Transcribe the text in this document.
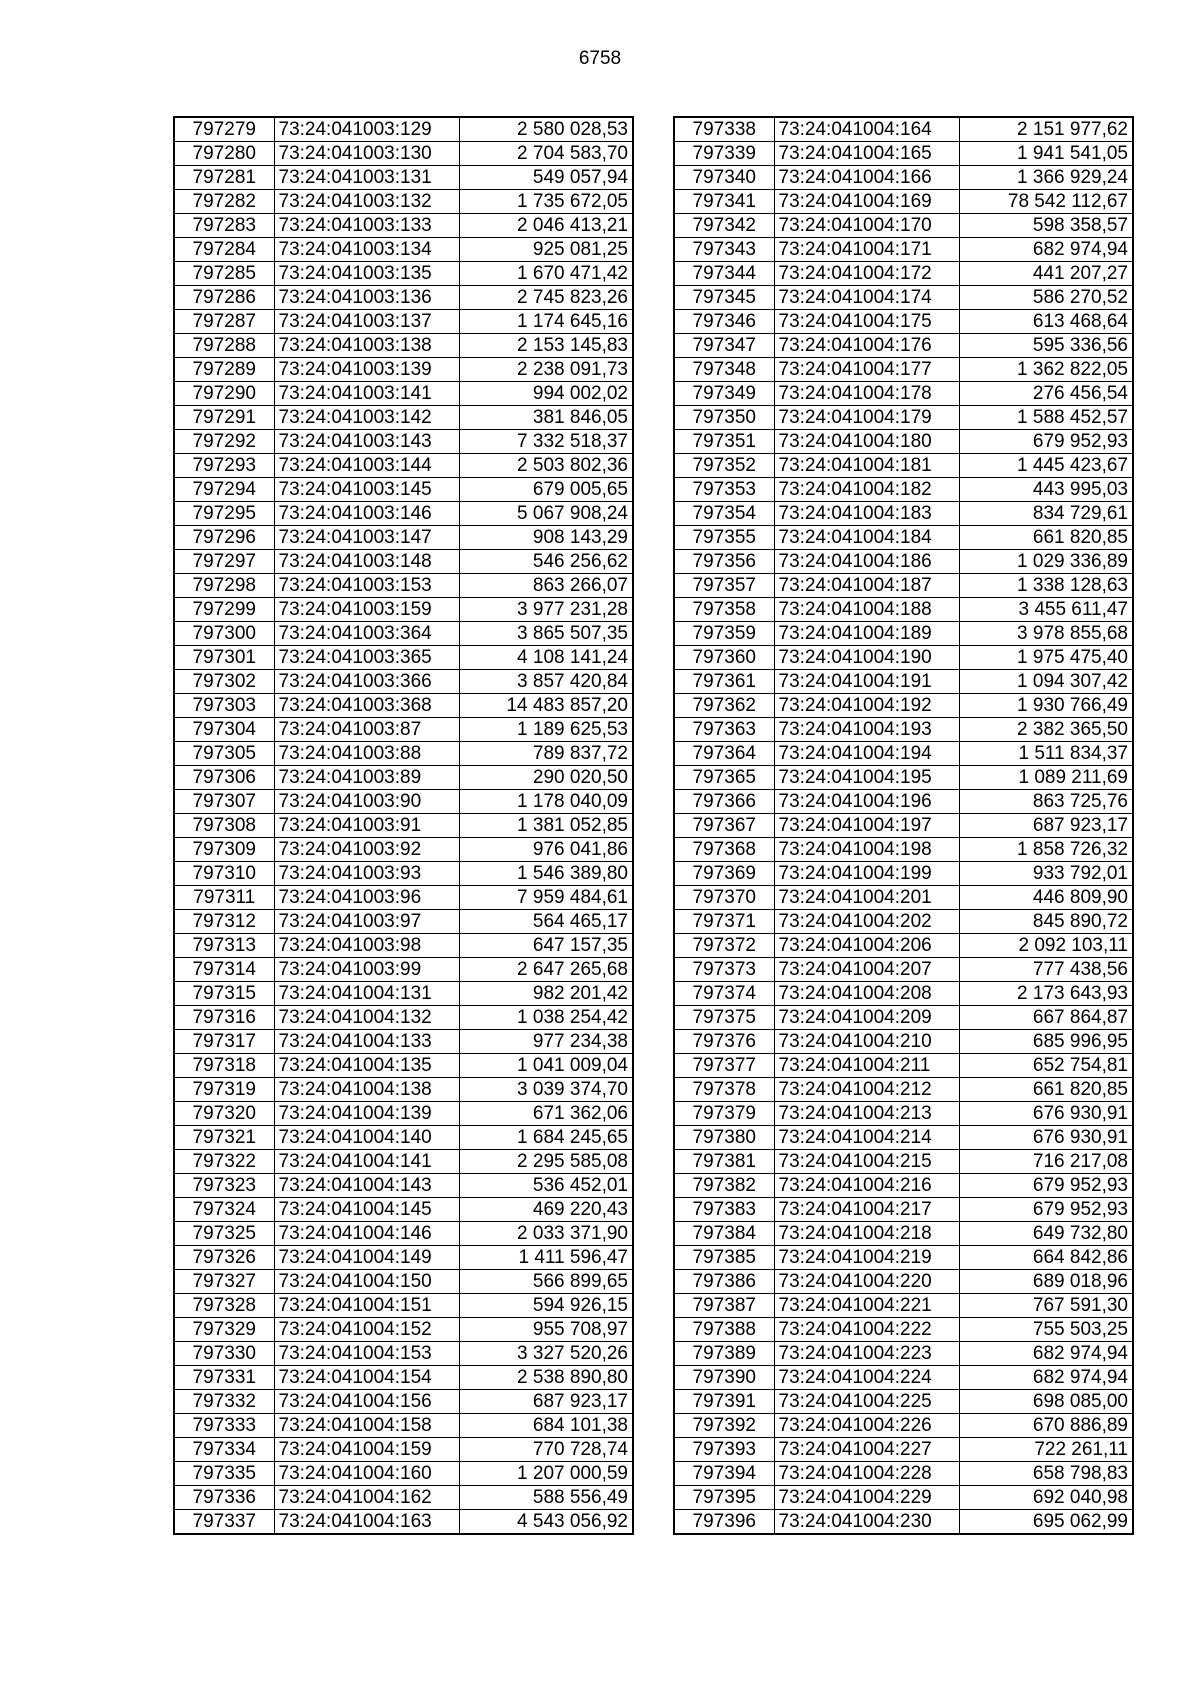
6758
797279	73:24:041003:129	2 580 028,53
797280	73:24:041003:130	2 704 583,70
797281	73:24:041003:131	549 057,94
797282	73:24:041003:132	1 735 672,05
797283	73:24:041003:133	2 046 413,21
797284	73:24:041003:134	925 081,25
797285	73:24:041003:135	1 670 471,42
797286	73:24:041003:136	2 745 823,26
797287	73:24:041003:137	1 174 645,16
797288	73:24:041003:138	2 153 145,83
797289	73:24:041003:139	2 238 091,73
797290	73:24:041003:141	994 002,02
797291	73:24:041003:142	381 846,05
797292	73:24:041003:143	7 332 518,37
797293	73:24:041003:144	2 503 802,36
797294	73:24:041003:145	679 005,65
797295	73:24:041003:146	5 067 908,24
797296	73:24:041003:147	908 143,29
797297	73:24:041003:148	546 256,62
797298	73:24:041003:153	863 266,07
797299	73:24:041003:159	3 977 231,28
797300	73:24:041003:364	3 865 507,35
797301	73:24:041003:365	4 108 141,24
797302	73:24:041003:366	3 857 420,84
797303	73:24:041003:368	14 483 857,20
797304	73:24:041003:87	1 189 625,53
797305	73:24:041003:88	789 837,72
797306	73:24:041003:89	290 020,50
797307	73:24:041003:90	1 178 040,09
797308	73:24:041003:91	1 381 052,85
797309	73:24:041003:92	976 041,86
797310	73:24:041003:93	1 546 389,80
797311	73:24:041003:96	7 959 484,61
797312	73:24:041003:97	564 465,17
797313	73:24:041003:98	647 157,35
797314	73:24:041003:99	2 647 265,68
797315	73:24:041004:131	982 201,42
797316	73:24:041004:132	1 038 254,42
797317	73:24:041004:133	977 234,38
797318	73:24:041004:135	1 041 009,04
797319	73:24:041004:138	3 039 374,70
797320	73:24:041004:139	671 362,06
797321	73:24:041004:140	1 684 245,65
797322	73:24:041004:141	2 295 585,08
797323	73:24:041004:143	536 452,01
797324	73:24:041004:145	469 220,43
797325	73:24:041004:146	2 033 371,90
797326	73:24:041004:149	1 411 596,47
797327	73:24:041004:150	566 899,65
797328	73:24:041004:151	594 926,15
797329	73:24:041004:152	955 708,97
797330	73:24:041004:153	3 327 520,26
797331	73:24:041004:154	2 538 890,80
797332	73:24:041004:156	687 923,17
797333	73:24:041004:158	684 101,38
797334	73:24:041004:159	770 728,74
797335	73:24:041004:160	1 207 000,59
797336	73:24:041004:162	588 556,49
797337	73:24:041004:163	4 543 056,92
797338	73:24:041004:164	2 151 977,62
797339	73:24:041004:165	1 941 541,05
797340	73:24:041004:166	1 366 929,24
797341	73:24:041004:169	78 542 112,67
797342	73:24:041004:170	598 358,57
797343	73:24:041004:171	682 974,94
797344	73:24:041004:172	441 207,27
797345	73:24:041004:174	586 270,52
797346	73:24:041004:175	613 468,64
797347	73:24:041004:176	595 336,56
797348	73:24:041004:177	1 362 822,05
797349	73:24:041004:178	276 456,54
797350	73:24:041004:179	1 588 452,57
797351	73:24:041004:180	679 952,93
797352	73:24:041004:181	1 445 423,67
797353	73:24:041004:182	443 995,03
797354	73:24:041004:183	834 729,61
797355	73:24:041004:184	661 820,85
797356	73:24:041004:186	1 029 336,89
797357	73:24:041004:187	1 338 128,63
797358	73:24:041004:188	3 455 611,47
797359	73:24:041004:189	3 978 855,68
797360	73:24:041004:190	1 975 475,40
797361	73:24:041004:191	1 094 307,42
797362	73:24:041004:192	1 930 766,49
797363	73:24:041004:193	2 382 365,50
797364	73:24:041004:194	1 511 834,37
797365	73:24:041004:195	1 089 211,69
797366	73:24:041004:196	863 725,76
797367	73:24:041004:197	687 923,17
797368	73:24:041004:198	1 858 726,32
797369	73:24:041004:199	933 792,01
797370	73:24:041004:201	446 809,90
797371	73:24:041004:202	845 890,72
797372	73:24:041004:206	2 092 103,11
797373	73:24:041004:207	777 438,56
797374	73:24:041004:208	2 173 643,93
797375	73:24:041004:209	667 864,87
797376	73:24:041004:210	685 996,95
797377	73:24:041004:211	652 754,81
797378	73:24:041004:212	661 820,85
797379	73:24:041004:213	676 930,91
797380	73:24:041004:214	676 930,91
797381	73:24:041004:215	716 217,08
797382	73:24:041004:216	679 952,93
797383	73:24:041004:217	679 952,93
797384	73:24:041004:218	649 732,80
797385	73:24:041004:219	664 842,86
797386	73:24:041004:220	689 018,96
797387	73:24:041004:221	767 591,30
797388	73:24:041004:222	755 503,25
797389	73:24:041004:223	682 974,94
797390	73:24:041004:224	682 974,94
797391	73:24:041004:225	698 085,00
797392	73:24:041004:226	670 886,89
797393	73:24:041004:227	722 261,11
797394	73:24:041004:228	658 798,83
797395	73:24:041004:229	692 040,98
797396	73:24:041004:230	695 062,99
